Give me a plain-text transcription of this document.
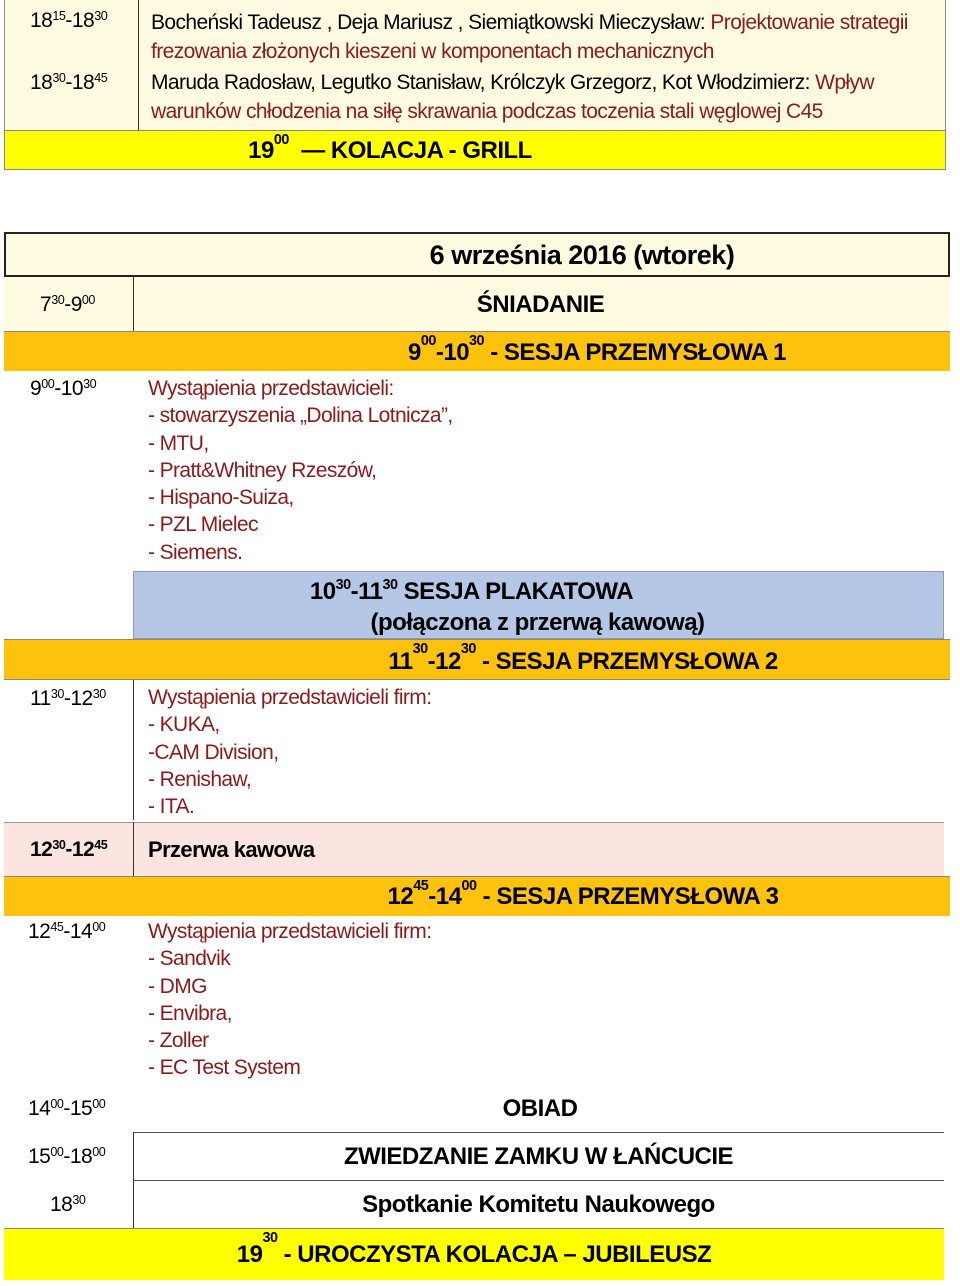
$18^{15}-18^{30}$	Bocheński Tadeusz , Deja Mariusz , Siemiątkowski Mieczysław: Projektowanie strategii
frezowania złożonych kieszeni w komponentach mechanicznych
$18^{30}-18^{45}$	Maruda Radosław, Legutko Stanisław, Królczyk Grzegorz, Kot Włodzimierz: Wpływ
warunków chłodzenia na siłę skrawania podczas toczenia stali węglowej C45
$19^{00}$  — KOLACJA - GRILL
6 września 2016 (wtorek)
$7^{30}-9^{00}$	ŚNIADANIE
$9^{00}-10^{30}$ - SESJA PRZEMYSŁOWA 1
$9^{00}-10^{30}$ Wystąpienia przedstawicieli:
- stowarzyszenia „Dolina Lotnicza”,
- MTU,
- Pratt&Whitney Rzeszów,
- Hispano-Suiza,
- PZL Mielec
- Siemens.
$10^{30}-11^{30}$ SESJA PLAKATOWA
(połączona z przerwą kawową)
$11^{30}-12^{30}$ - SESJA PRZEMYSŁOWA 2
$11^{30}-12^{30}$ Wystąpienia przedstawicieli firm:
- KUKA,
-CAM Division,
- Renishaw,
- ITA.
$12^{30}-12^{45}$ Przerwa kawowa
$12^{45}-14^{00}$ - SESJA PRZEMYSŁOWA 3
$12^{45}-14^{00}$ Wystąpienia przedstawicieli firm:
- Sandvik
- DMG
- Envibra,
- Zoller
- EC Test System
$14^{00}-15^{00}$	OBIAD
$15^{00}-18^{00}$	ZWIEDZANIE ZAMKU W ŁAŃCUCIE
$18^{30}$	Spotkanie Komitetu Naukowego
$19^{30}$ - UROCZYSTA KOLACJA – JUBILEUSZ
